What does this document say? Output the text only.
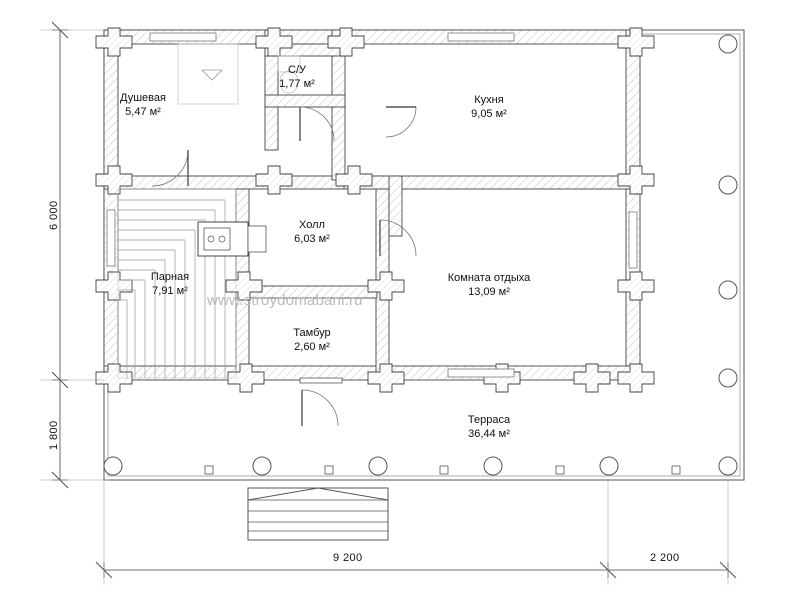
Душевая
5,47 м²
С/У
1,77 м²
Кухня
9,05 м²
Холл
6,03 м²
Парная
7,91 м²
Комната отдыха
13,09 м²
Тамбур
2,60 м²
Терраса
36,44 м²
6 000
1 800
9 200	2 200
www.stroydomabani.ru
